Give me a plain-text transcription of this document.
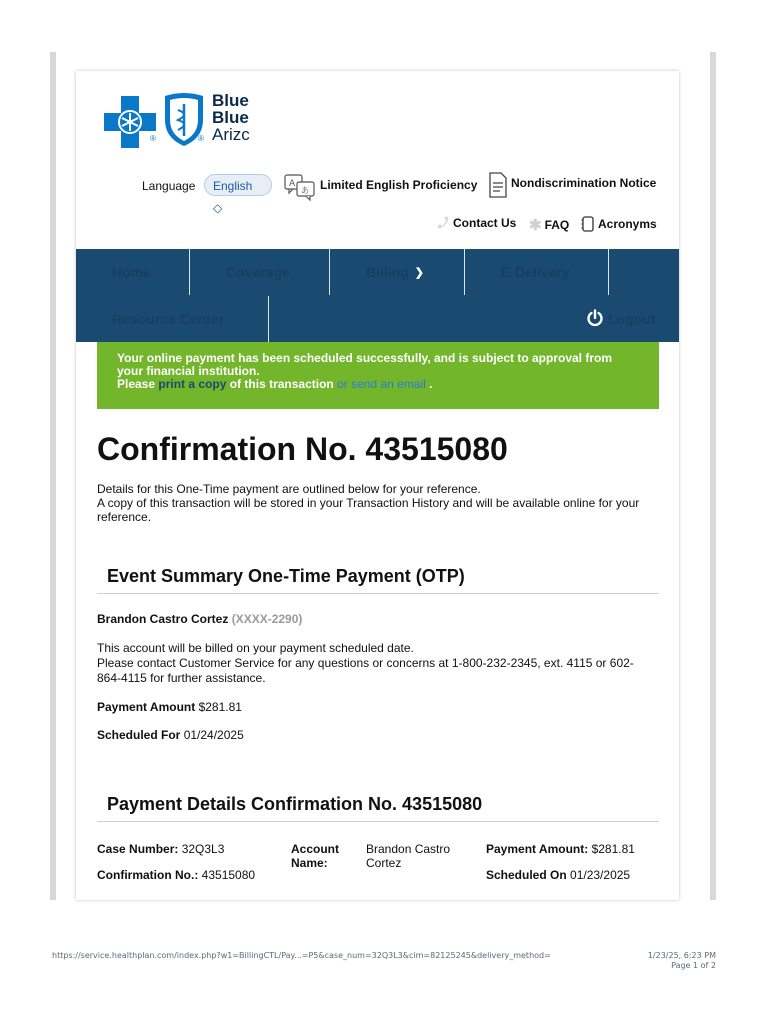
®	®
Blue
Blue
Arizc
Language	English ◇
A
あ Limited English Proficiency	Nondiscrimination Notice
Contact Us ✱ FAQ Acronyms
Home	Coverage	Billing ❯	E-Delivery
Resource Center	Logout
Your online payment has been scheduled successfully, and is subject to approval from your financial institution.
Please print a copy of this transaction or send an email .
Confirmation No. 43515080
Details for this One-Time payment are outlined below for your reference.
A copy of this transaction will be stored in your Transaction History and will be available online for your reference.
Event Summary One-Time Payment (OTP)
Brandon Castro Cortez (XXXX-2290)
This account will be billed on your payment scheduled date.
Please contact Customer Service for any questions or concerns at 1-800-232-2345, ext. 4115 or 602-864-4115 for further assistance.
Payment Amount $281.81
Scheduled For 01/24/2025
Payment Details Confirmation No. 43515080
Case Number: 32Q3L3
Confirmation No.: 43515080
Account Name:
Brandon Castro Cortez
Payment Amount: $281.81
Scheduled On 01/23/2025
https://service.healthplan.com/index.php?w1=BillingCTL/Pay...=P5&case_num=32Q3L3&cim=82125245&delivery_method=	1/23/25, 6:23 PM
Page 1 of 2
